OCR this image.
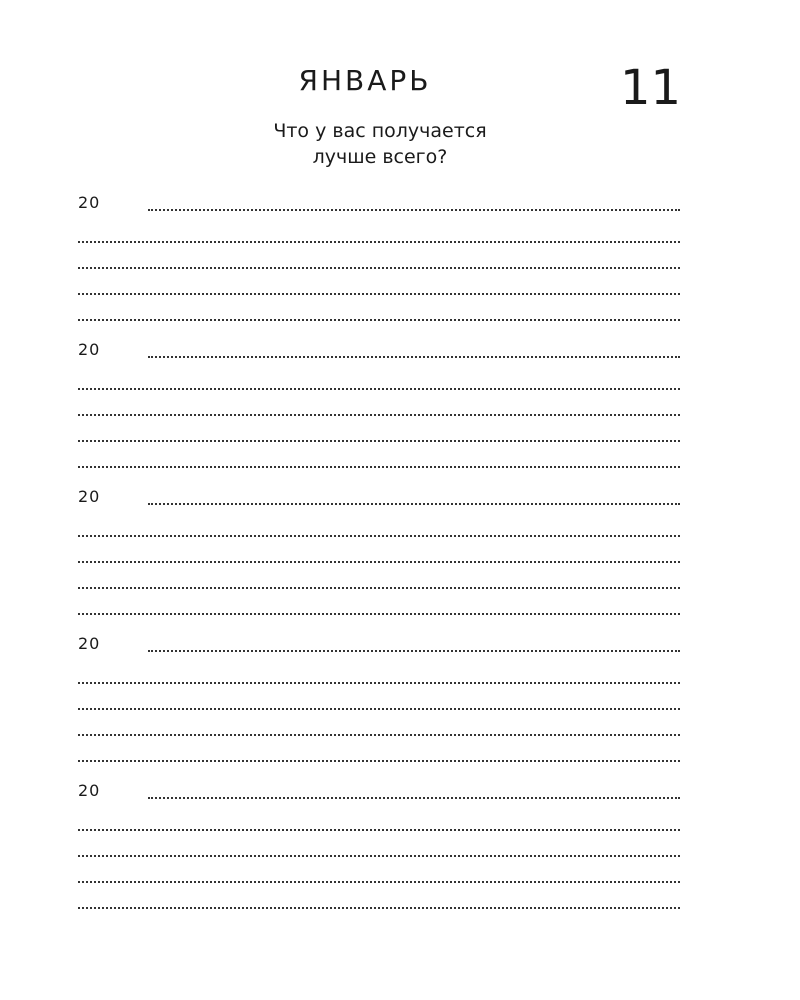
ЯНВАРЬ	11
Что у вас получается
лучше всего?
20
20
20
20
20
